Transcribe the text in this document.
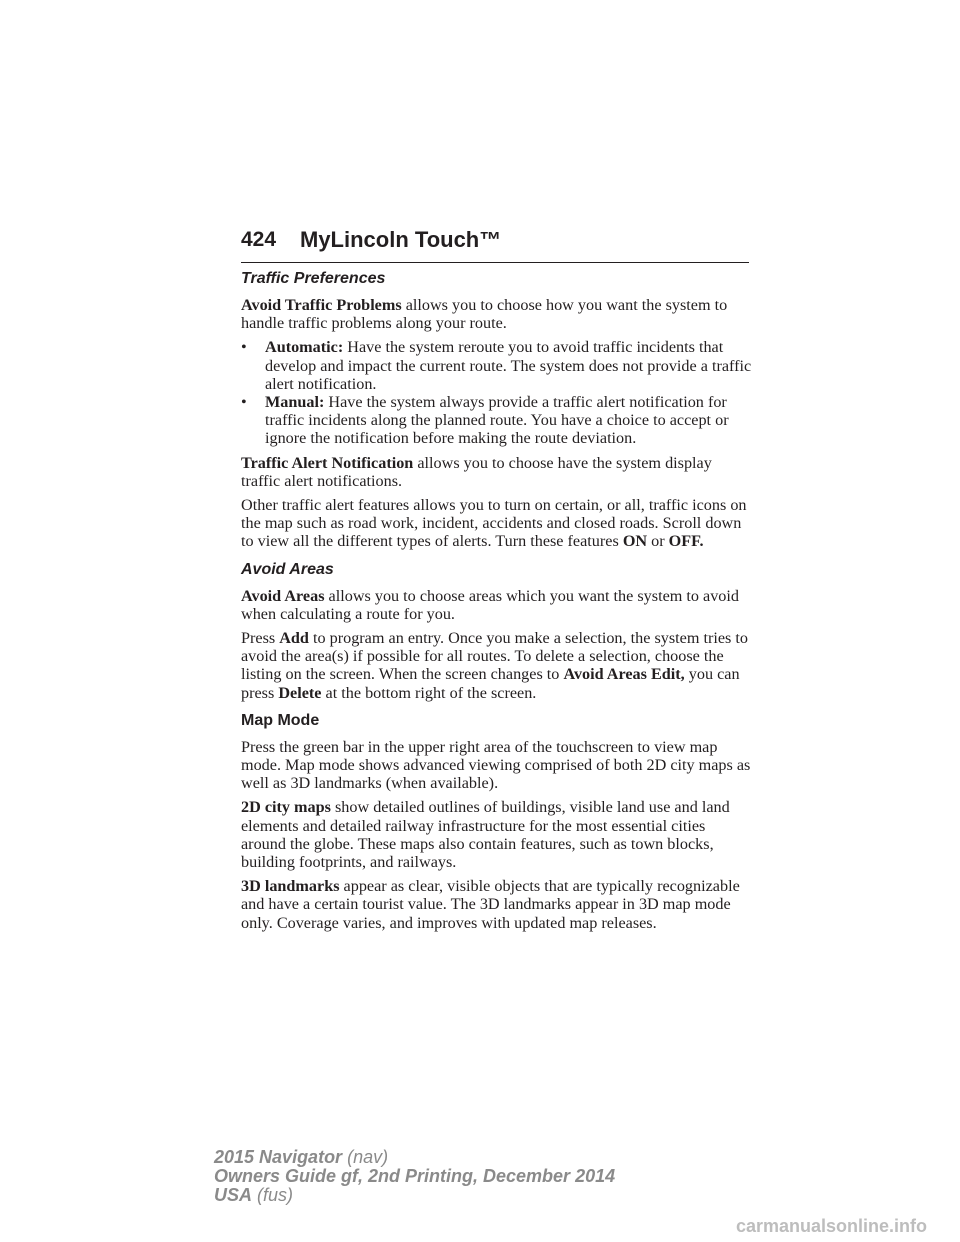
424 MyLincoln Touch™
Traffic Preferences

Avoid Traffic Problems allows you to choose how you want the system to handle traffic problems along your route.

• Automatic: Have the system reroute you to avoid traffic incidents that develop and impact the current route. The system does not provide a traffic alert notification.
• Manual: Have the system always provide a traffic alert notification for traffic incidents along the planned route. You have a choice to accept or ignore the notification before making the route deviation.

Traffic Alert Notification allows you to choose have the system display traffic alert notifications.

Other traffic alert features allows you to turn on certain, or all, traffic icons on the map such as road work, incident, accidents and closed roads. Scroll down to view all the different types of alerts. Turn these features ON or OFF.

Avoid Areas

Avoid Areas allows you to choose areas which you want the system to avoid when calculating a route for you.

Press Add to program an entry. Once you make a selection, the system tries to avoid the area(s) if possible for all routes. To delete a selection, choose the listing on the screen. When the screen changes to Avoid Areas Edit, you can press Delete at the bottom right of the screen.

Map Mode

Press the green bar in the upper right area of the touchscreen to view map mode. Map mode shows advanced viewing comprised of both 2D city maps as well as 3D landmarks (when available).

2D city maps show detailed outlines of buildings, visible land use and land elements and detailed railway infrastructure for the most essential cities around the globe. These maps also contain features, such as town blocks, building footprints, and railways.

3D landmarks appear as clear, visible objects that are typically recognizable and have a certain tourist value. The 3D landmarks appear in 3D map mode only. Coverage varies, and improves with updated map releases.

2015 Navigator (nav)
Owners Guide gf, 2nd Printing, December 2014
USA (fus)
carmanualsonline.info
